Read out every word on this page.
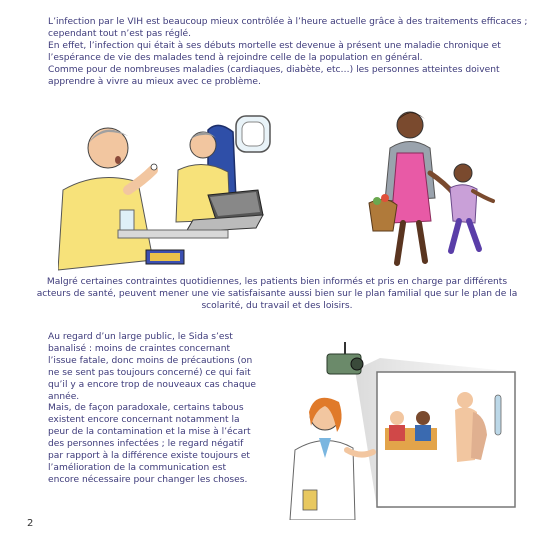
L’infection par le VIH est beaucoup mieux contrôlée à l’heure actuelle grâce à des traitements efficaces ;
cependant tout n’est pas réglé.
En effet, l’infection qui était à ses débuts mortelle est devenue à présent une maladie chronique et
l’espérance de vie des malades tend à rejoindre celle de la population en général.
Comme pour de nombreuses maladies (cardiaques, diabète, etc…) les personnes atteintes doivent
apprendre à vivre au mieux avec ce problème.

Malgré certaines contraintes quotidiennes, les patients bien informés et pris en charge par différents
acteurs de santé, peuvent mener une vie satisfaisante aussi bien sur le plan familial que sur le plan de la
scolarité, du travail et des loisirs.

Au regard d’un large public, le Sida s’est
banalisé : moins de craintes concernant
l’issue fatale, donc moins de précautions (on
ne se sent pas toujours concerné) ce qui fait
qu’il y a encore trop de nouveaux cas chaque
année.
Mais, de façon paradoxale, certains tabous
existent encore concernant notamment la
peur de la contamination et la mise à l’écart
des personnes infectées ; le regard négatif
par rapport à la différence existe toujours et
l’amélioration de la communication est
encore nécessaire pour changer les choses.

2
